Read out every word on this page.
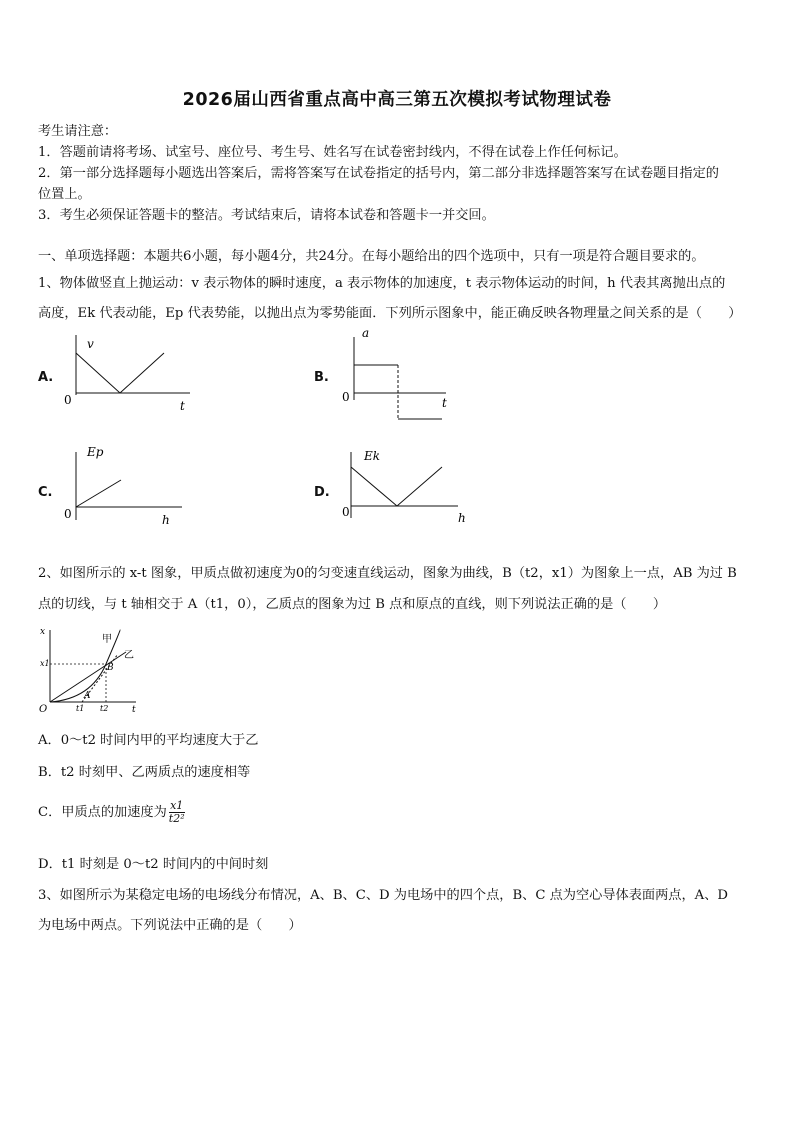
2026届山西省重点高中高三第五次模拟考试物理试卷
考生请注意：
1．答题前请将考场、试室号、座位号、考生号、姓名写在试卷密封线内，不得在试卷上作任何标记。
2．第一部分选择题每小题选出答案后，需将答案写在试卷指定的括号内，第二部分非选择题答案写在试卷题目指定的
位置上。
3．考生必须保证答题卡的整洁。考试结束后，请将本试卷和答题卡一并交回。
一、单项选择题：本题共6小题，每小题4分，共24分。在每小题给出的四个选项中，只有一项是符合题目要求的。
1、物体做竖直上抛运动：v 表示物体的瞬时速度，a 表示物体的加速度，t 表示物体运动的时间，h 代表其离抛出点的
高度，Ek 代表动能，Ep 代表势能，以抛出点为零势能面．下列所示图象中，能正确反映各物理量之间关系的是（　　）
A.
v
t
0
B.
a
t
0
C.
Ep
h
0
D.
Ek
h
0
2、如图所示的 x-t 图象，甲质点做初速度为0的匀变速直线运动，图象为曲线，B（t2，x1）为图象上一点，AB 为过 B
点的切线，与 t 轴相交于 A（t1，0），乙质点的图象为过 B 点和原点的直线，则下列说法正确的是（　　）
x
x1
甲
乙
B
A
O	t1 t2	t
A．0～t2 时间内甲的平均速度大于乙
B．t2 时刻甲、乙两质点的速度相等
C．甲质点的加速度为 $\frac{x1}{\text{t2²}}$
D．t1 时刻是 0～t2 时间内的中间时刻
3、如图所示为某稳定电场的电场线分布情况，A、B、C、D 为电场中的四个点，B、C 点为空心导体表面两点，A、D
为电场中两点。下列说法中正确的是（　　）
